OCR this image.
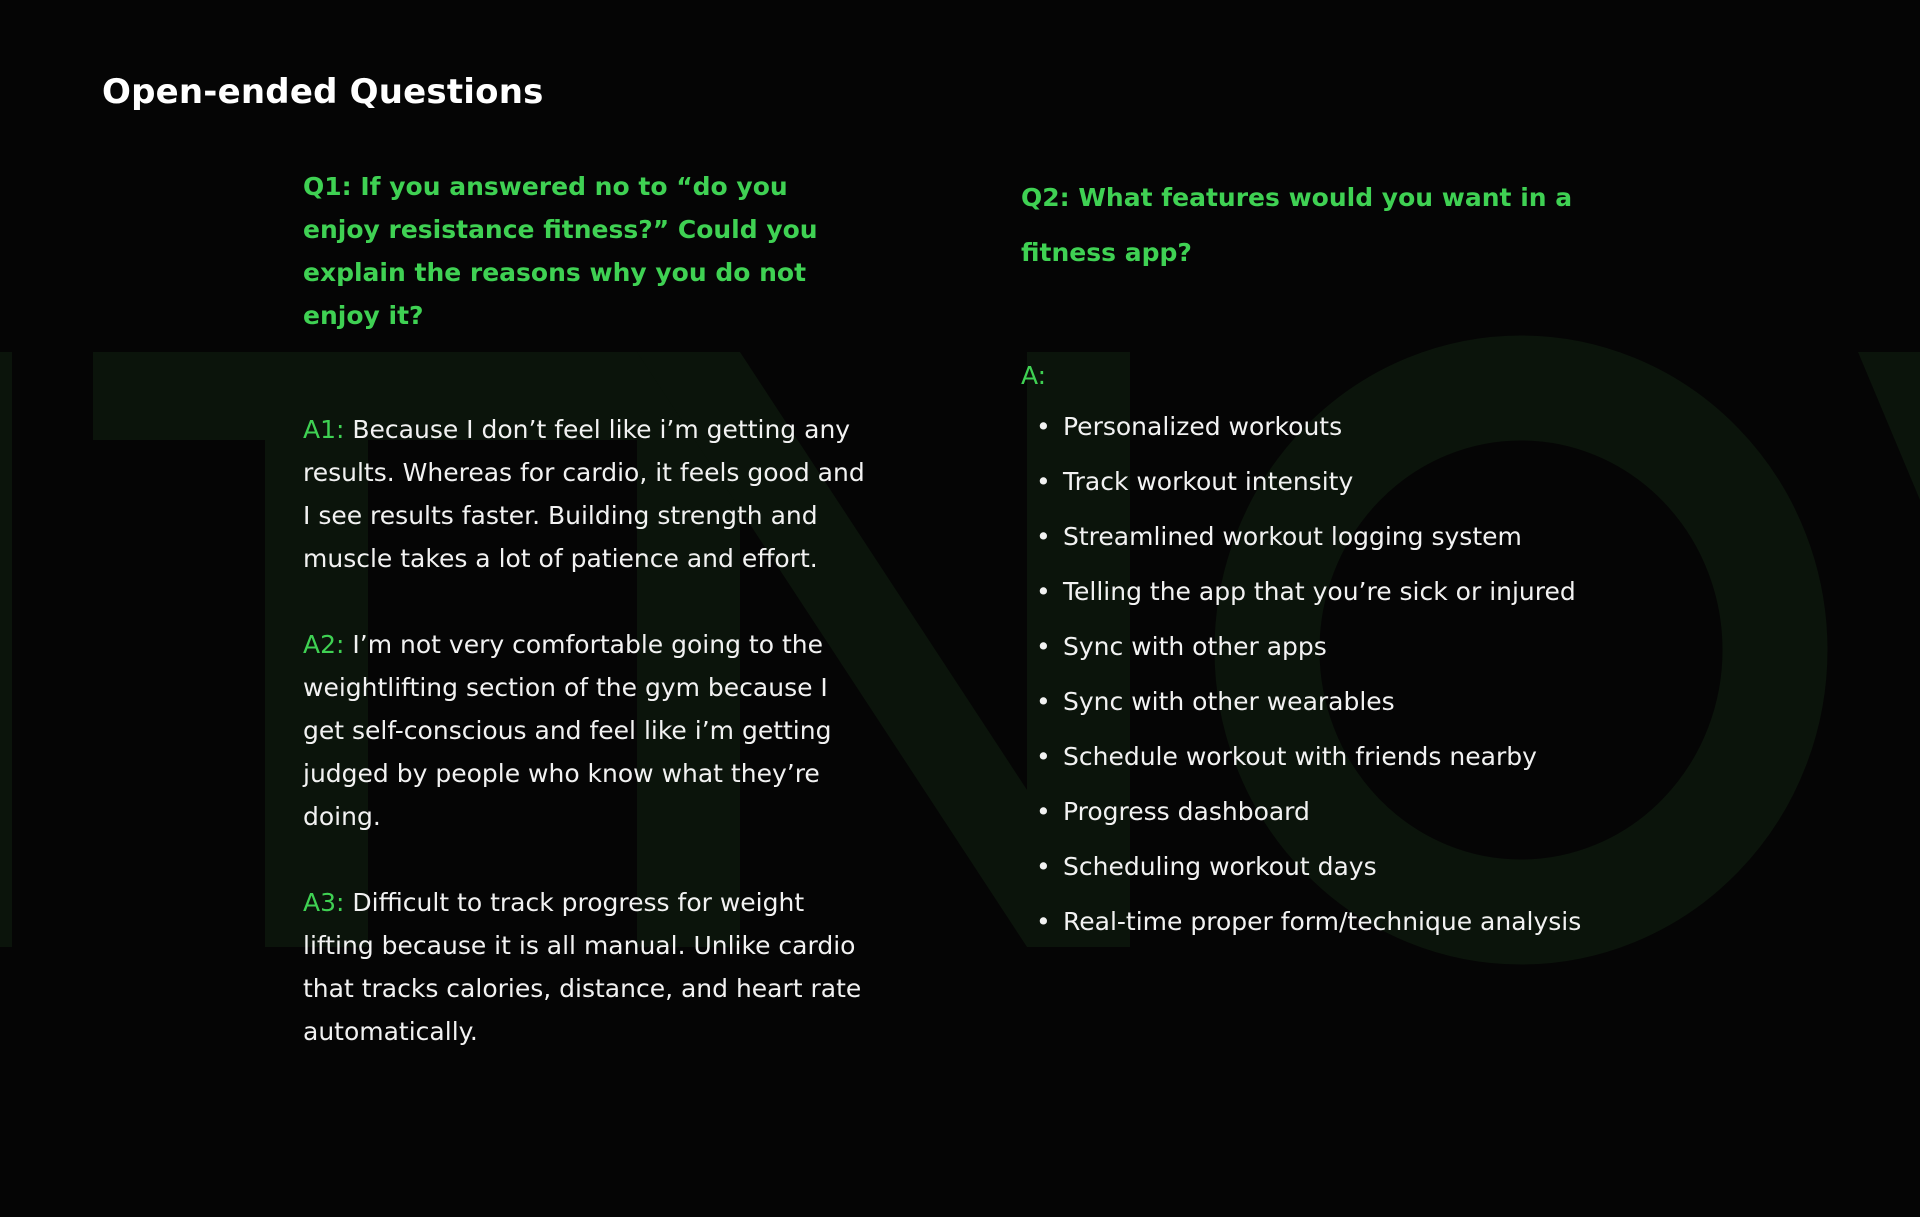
Open-ended Questions

Q1: If you answered no to “do you enjoy resistance fitness?” Could you explain the reasons why you do not enjoy it?

A1: Because I don’t feel like i’m getting any results. Whereas for cardio, it feels good and I see results faster. Building strength and muscle takes a lot of patience and effort.

A2: I’m not very comfortable going to the weightlifting section of the gym because I get self-conscious and feel like i’m getting judged by people who know what they’re doing.

A3: Difficult to track progress for weight lifting because it is all manual. Unlike cardio that tracks calories, distance, and heart rate automatically.

Q2: What features would you want in a fitness app?

A:

• Personalized workouts
• Track workout intensity
• Streamlined workout logging system
• Telling the app that you’re sick or injured
• Sync with other apps
• Sync with other wearables
• Schedule workout with friends nearby
• Progress dashboard
• Scheduling workout days
• Real-time proper form/technique analysis
